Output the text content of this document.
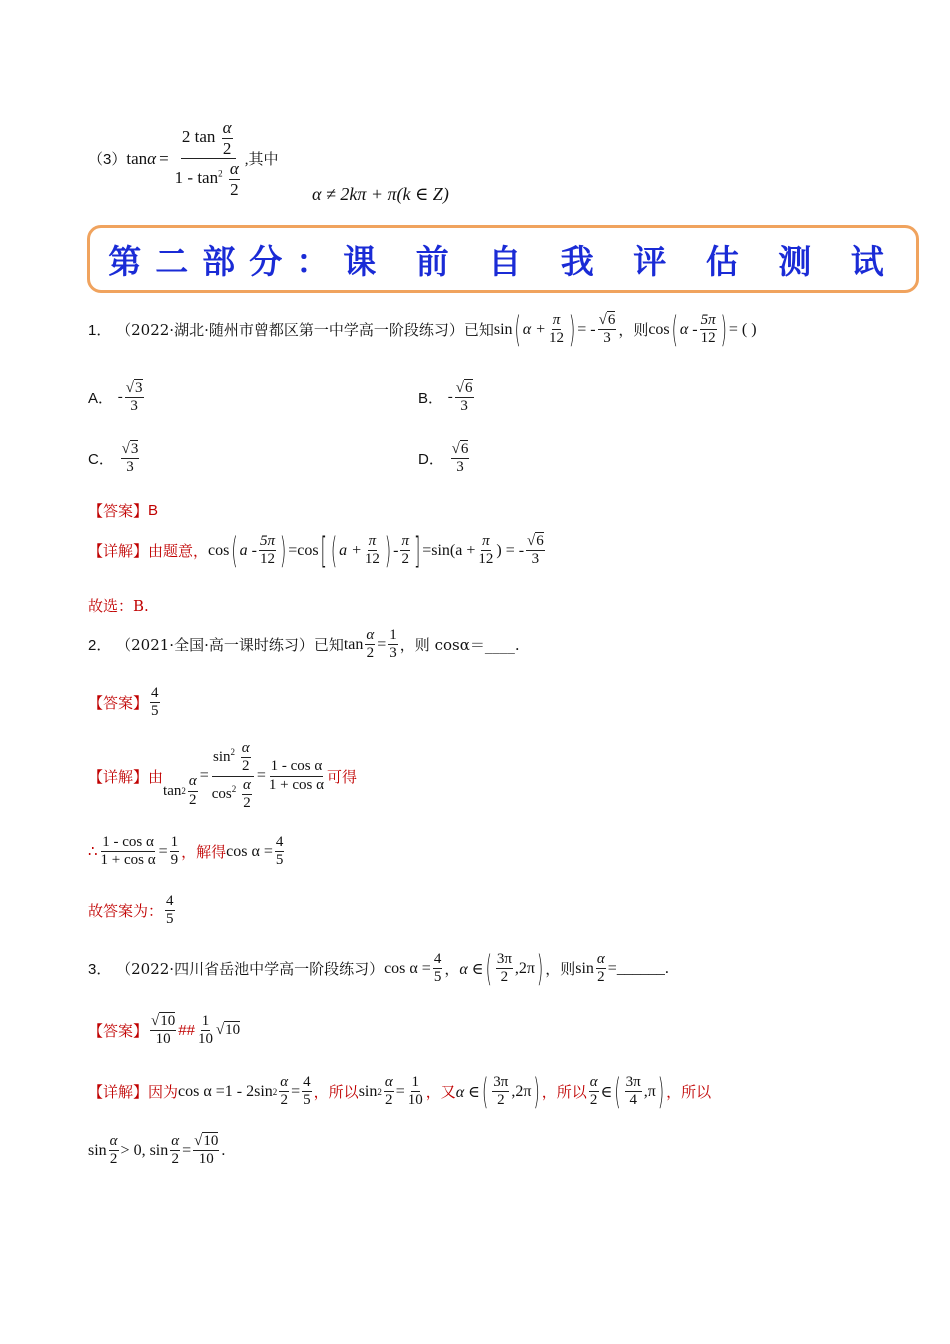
（3） $\tan \alpha = \frac{2 \tan \frac{\alpha}{2}}{1 - \tan^2 \frac{\alpha}{2}}$ ,其中
α ≠ 2kπ + π(k ∈ Z)
第二部分：课 前 自 我 评 估 测 试
1．
（2022·湖北·随州市曾都区第一中学高一阶段练习）已知 sin ( $\alpha + \frac{\pi}{12}$ ) = - $\frac{√6}{3}$ ，则 cos ( α - $\frac{5\pi}{12}$ ) = ( )
A．
- $\frac{√3}{3}$	B．
- $\frac{√6}{3}$
C．
$\frac{√3}{3}$	D．
$\frac{√6}{3}$
【答案】 B
【详解】 由题意， cos ( a - $\frac{5\pi}{12}$ ) =cos [ ( $a + \frac{\pi}{12}$ ) - $\frac{\pi}{2}$ ] $=\sin(a + \frac{\pi}{12}$ ) = - $\frac{√6}{3}$
故选：B.
2．
（2021·全国·高一课时练习）已知 $\tan \frac{\alpha}{2} = \frac{1}{3}$ ，则 cosα＝____.
【答案】 $\frac{4}{5}$
【详解】 由
$\tan 2 \frac{\alpha}{2} = \frac{\sin^2 \frac{\alpha}{2}}{\cos^2 \frac{\alpha}{2}} = \frac{\text{1 - cos α}}{\text{1 + cos α}}$ 可得
∴ $\frac{\text{1 - cos α}}{\text{1 + cos α}} = \frac{1}{9}$ ，解得 $\cos \alpha = \frac{4}{5}$
故答案为： $\frac{4}{5}$
3．
（2022·四川省岳池中学高一阶段练习） $\cos \alpha = \frac{4}{5}$ ， α ∈ ( $\frac{3\pi}{2} ,2\pi$ ) ，则 $\sin \frac{\alpha}{2}$ =______.
【答案】 $\frac{√10}{10}$ ## $\frac{1}{10} √10$
【详解】 因为 cos α =1 - 2sin $2 \frac{\alpha}{2} = \frac{4}{5}$ ，所以 $\sin 2 \frac{\alpha}{2} = \frac{1}{10}$ ，又 α ∈ ( $\frac{3\pi}{2} ,2\pi$ ) ，所以 $\frac{\alpha}{2}$ ∈ ( $\frac{3\pi}{4} ,\pi$ ) ，所以
$\sin \frac{\alpha}{2} > 0$, $\sin \frac{\alpha}{2} = \frac{√10}{10}$ .
